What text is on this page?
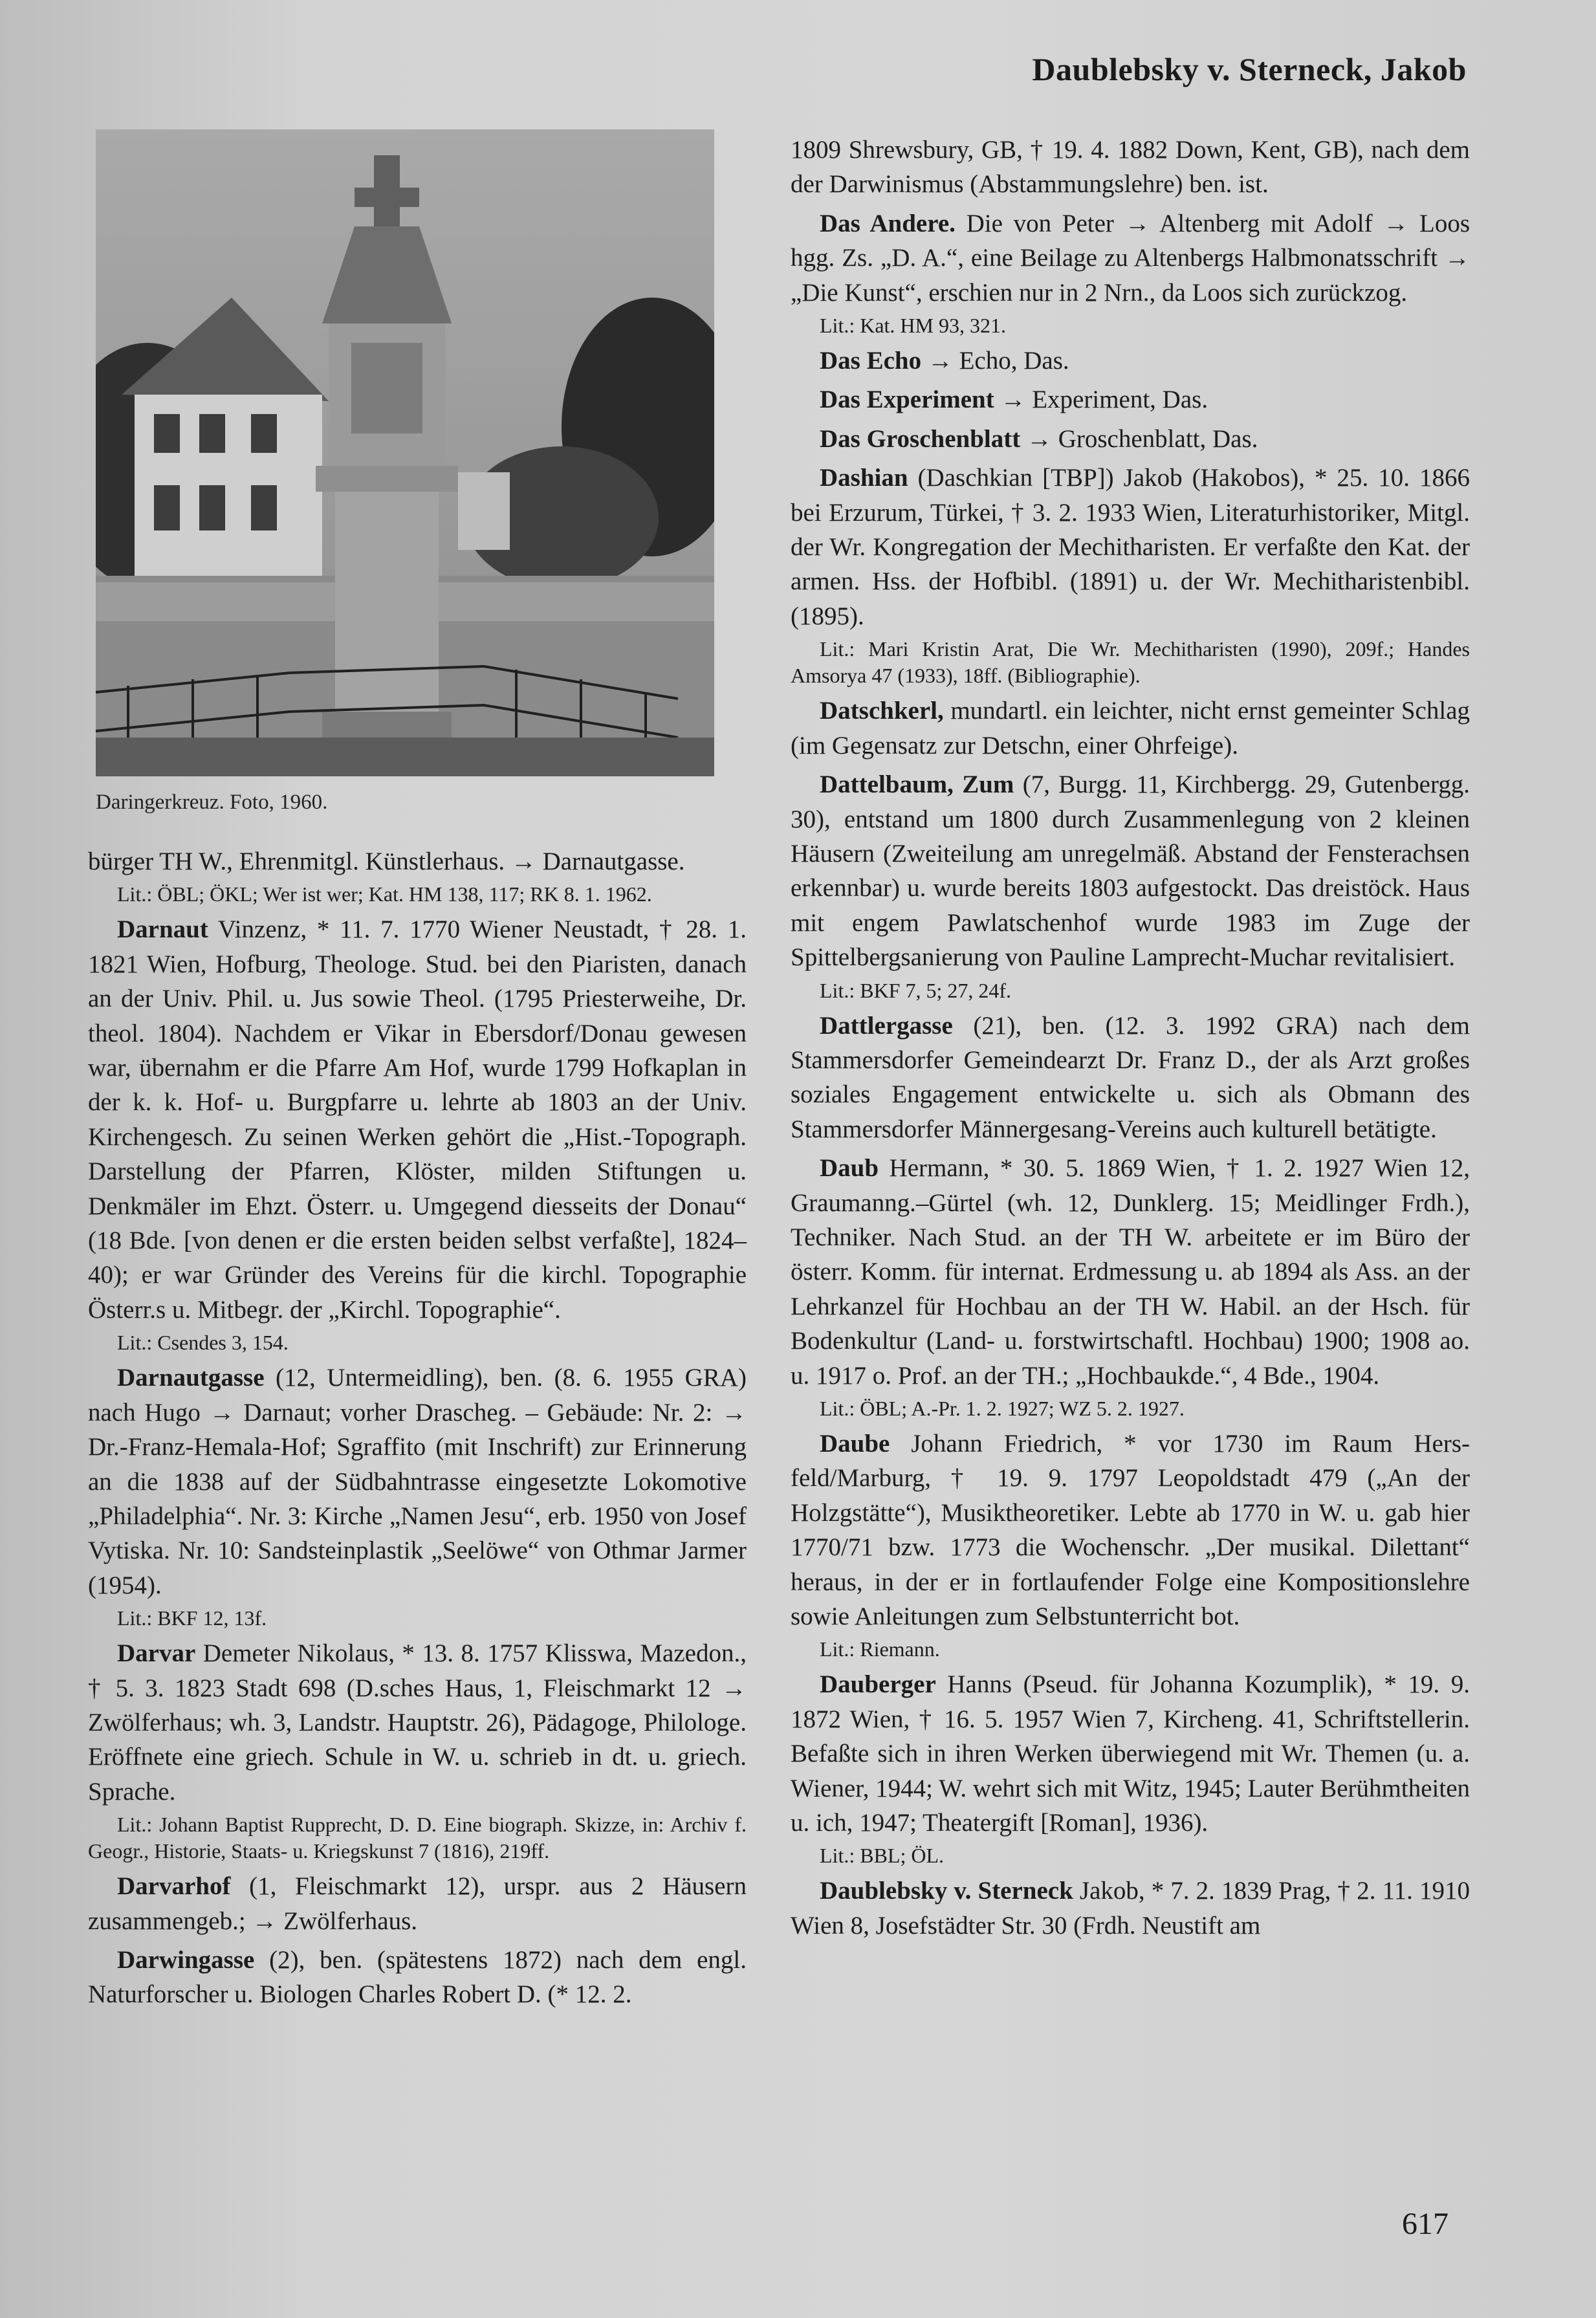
Daublebsky v. Sterneck, Jakob
Daringerkreuz. Foto, 1960.

bürger TH W., Ehrenmitgl. Künstlerhaus. → Darnautgasse.

Lit.: ÖBL; ÖKL; Wer ist wer; Kat. HM 138, 117; RK 8. 1. 1962.

Darnaut Vinzenz, * 11. 7. 1770 Wiener Neustadt, † 28. 1. 1821 Wien, Hofburg, Theologe. Stud. bei den Piaristen, danach an der Univ. Phil. u. Jus sowie Theol. (1795 Priesterweihe, Dr. theol. 1804). Nachdem er Vikar in Ebersdorf/Donau gewesen war, übernahm er die Pfarre Am Hof, wurde 1799 Hofkaplan in der k. k. Hof- u. Burgpfarre u. lehrte ab 1803 an der Univ. Kirchengesch. Zu seinen Werken gehört die „Hist.-Topograph. Darstellung der Pfarren, Klöster, milden Stiftungen u. Denkmäler im Ehzt. Österr. u. Umgegend diesseits der Donau“ (18 Bde. [von denen er die ersten beiden selbst verfaßte], 1824–40); er war Gründer des Vereins für die kirchl. Topographie Österr.s u. Mitbegr. der „Kirchl. Topographie“.

Lit.: Csendes 3, 154.

Darnautgasse (12, Untermeidling), ben. (8. 6. 1955 GRA) nach Hugo → Darnaut; vorher Drascheg. – Gebäude: Nr. 2: → Dr.-Franz-Hemala-Hof; Sgraffito (mit Inschrift) zur Erinnerung an die 1838 auf der Südbahntrasse eingesetzte Lokomotive „Philadelphia“. Nr. 3: Kirche „Namen Jesu“, erb. 1950 von Josef Vytiska. Nr. 10: Sandsteinplastik „Seelöwe“ von Othmar Jarmer (1954).

Lit.: BKF 12, 13f.

Darvar Demeter Nikolaus, * 13. 8. 1757 Klisswa, Mazedon., † 5. 3. 1823 Stadt 698 (D.sches Haus, 1, Fleischmarkt 12 → Zwölferhaus; wh. 3, Landstr. Hauptstr. 26), Pädagoge, Philologe. Eröffnete eine griech. Schule in W. u. schrieb in dt. u. griech. Sprache.

Lit.: Johann Baptist Rupprecht, D. D. Eine biograph. Skizze, in: Archiv f. Geogr., Historie, Staats- u. Kriegskunst 7 (1816), 219ff.

Darvarhof (1, Fleischmarkt 12), urspr. aus 2 Häusern zusammengeb.; → Zwölferhaus.

Darwingasse (2), ben. (spätestens 1872) nach dem engl. Naturforscher u. Biologen Charles Robert D. (* 12. 2.

1809 Shrewsbury, GB, † 19. 4. 1882 Down, Kent, GB), nach dem der Darwinismus (Abstammungslehre) ben. ist.

Das Andere. Die von Peter → Altenberg mit Adolf → Loos hgg. Zs. „D. A.“, eine Beilage zu Altenbergs Halbmonatsschrift → „Die Kunst“, erschien nur in 2 Nrn., da Loos sich zurückzog.

Lit.: Kat. HM 93, 321.

Das Echo → Echo, Das.

Das Experiment → Experiment, Das.

Das Groschenblatt → Groschenblatt, Das.

Dashian (Daschkian [TBP]) Jakob (Hakobos), * 25. 10. 1866 bei Erzurum, Türkei, † 3. 2. 1933 Wien, Literaturhistoriker, Mitgl. der Wr. Kongregation der Mechitharisten. Er verfaßte den Kat. der armen. Hss. der Hofbibl. (1891) u. der Wr. Mechitharistenbibl. (1895).

Lit.: Mari Kristin Arat, Die Wr. Mechitharisten (1990), 209f.; Handes Amsorya 47 (1933), 18ff. (Bibliographie).

Datschkerl, mundartl. ein leichter, nicht ernst gemeinter Schlag (im Gegensatz zur Detschn, einer Ohrfeige).

Dattelbaum, Zum (7, Burgg. 11, Kirchbergg. 29, Gutenbergg. 30), entstand um 1800 durch Zusammenlegung von 2 kleinen Häusern (Zweiteilung am unregelmäß. Abstand der Fensterachsen erkennbar) u. wurde bereits 1803 aufgestockt. Das dreistöck. Haus mit engem Pawlatschenhof wurde 1983 im Zuge der Spittelbergsanierung von Pauline Lamprecht-Muchar revitalisiert.

Lit.: BKF 7, 5; 27, 24f.

Dattlergasse (21), ben. (12. 3. 1992 GRA) nach dem Stammersdorfer Gemeindearzt Dr. Franz D., der als Arzt großes soziales Engagement entwickelte u. sich als Obmann des Stammersdorfer Männergesang-Vereins auch kulturell betätigte.

Daub Hermann, * 30. 5. 1869 Wien, † 1. 2. 1927 Wien 12, Graumanng.–Gürtel (wh. 12, Dunklerg. 15; Meidlinger Frdh.), Techniker. Nach Stud. an der TH W. arbeitete er im Büro der österr. Komm. für internat. Erdmessung u. ab 1894 als Ass. an der Lehrkanzel für Hochbau an der TH W. Habil. an der Hsch. für Bodenkultur (Land- u. forstwirtschaftl. Hochbau) 1900; 1908 ao. u. 1917 o. Prof. an der TH.; „Hochbaukde.“, 4 Bde., 1904.

Lit.: ÖBL; A.-Pr. 1. 2. 1927; WZ 5. 2. 1927.

Daube Johann Friedrich, * vor 1730 im Raum Hersfeld/Marburg, † 19. 9. 1797 Leopoldstadt 479 („An der Holzgstätte“), Musiktheoretiker. Lebte ab 1770 in W. u. gab hier 1770/71 bzw. 1773 die Wochenschr. „Der musikal. Dilettant“ heraus, in der er in fortlaufender Folge eine Kompositionslehre sowie Anleitungen zum Selbstunterricht bot.

Lit.: Riemann.

Dauberger Hanns (Pseud. für Johanna Kozumplik), * 19. 9. 1872 Wien, † 16. 5. 1957 Wien 7, Kircheng. 41, Schriftstellerin. Befaßte sich in ihren Werken überwiegend mit Wr. Themen (u. a. Wiener, 1944; W. wehrt sich mit Witz, 1945; Lauter Berühmtheiten u. ich, 1947; Theatergift [Roman], 1936).

Lit.: BBL; ÖL.

Daublebsky v. Sterneck Jakob, * 7. 2. 1839 Prag, † 2. 11. 1910 Wien 8, Josefstädter Str. 30 (Frdh. Neustift am

617
